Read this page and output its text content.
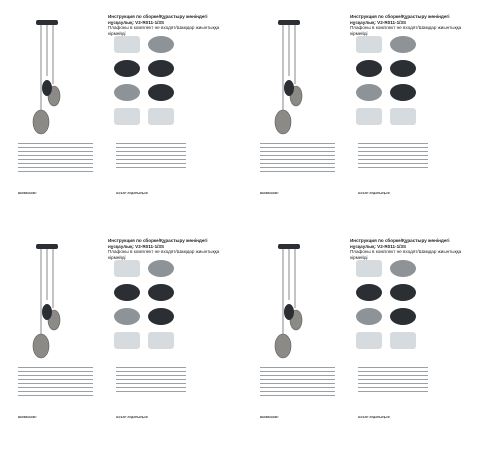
Инструкция по сборке/Құрастыру жөніндегі нұсқаулық: V2-R011-1/3S
Плафоны в комплект не входят/Шамдар жиынтыққа кірмейді
ВНИМАНИЕ!	НАЗАР АУДАРЫҢЫЗ!
Инструкция по сборке/Құрастыру жөніндегі нұсқаулық: V2-R011-1/3S
Плафоны в комплект не входят/Шамдар жиынтыққа кірмейді
ВНИМАНИЕ!	НАЗАР АУДАРЫҢЫЗ!
Инструкция по сборке/Құрастыру жөніндегі нұсқаулық: V2-R011-1/3S
Плафоны в комплект не входят/Шамдар жиынтыққа кірмейді
ВНИМАНИЕ!	НАЗАР АУДАРЫҢЫЗ!
Инструкция по сборке/Құрастыру жөніндегі нұсқаулық: V2-R011-1/3S
Плафоны в комплект не входят/Шамдар жиынтыққа кірмейді
ВНИМАНИЕ!	НАЗАР АУДАРЫҢЫЗ!
